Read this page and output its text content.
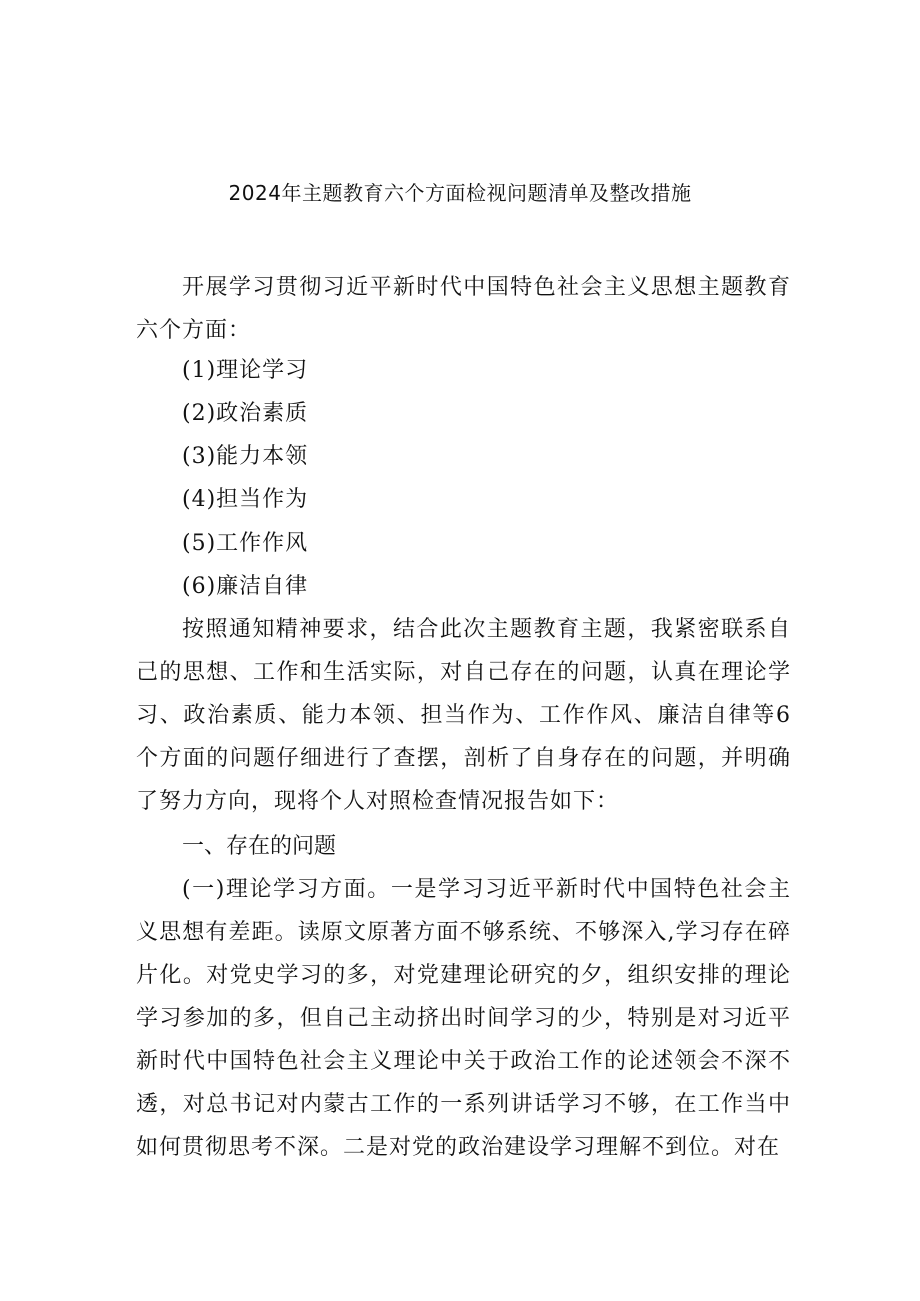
2024年主题教育六个方面检视问题清单及整改措施

开展学习贯彻习近平新时代中国特色社会主义思想主题教育六个方面：

(1)理论学习

(2)政治素质

(3)能力本领

(4)担当作为

(5)工作作风

(6)廉洁自律

按照通知精神要求，结合此次主题教育主题，我紧密联系自己的思想、工作和生活实际，对自己存在的问题，认真在理论学习、政治素质、能力本领、担当作为、工作作风、廉洁自律等6个方面的问题仔细进行了查摆，剖析了自身存在的问题，并明确了努力方向，现将个人对照检查情况报告如下：

一、存在的问题

(一)理论学习方面。一是学习习近平新时代中国特色社会主义思想有差距。读原文原著方面不够系统、不够深入,学习存在碎片化。对党史学习的多，对党建理论研究的夕，组织安排的理论学习参加的多，但自己主动挤出时间学习的少，特别是对习近平新时代中国特色社会主义理论中关于政治工作的论述领会不深不透，对总书记对内蒙古工作的一系列讲话学习不够，在工作当中如何贯彻思考不深。二是对党的政治建设学习理解不到位。对在
